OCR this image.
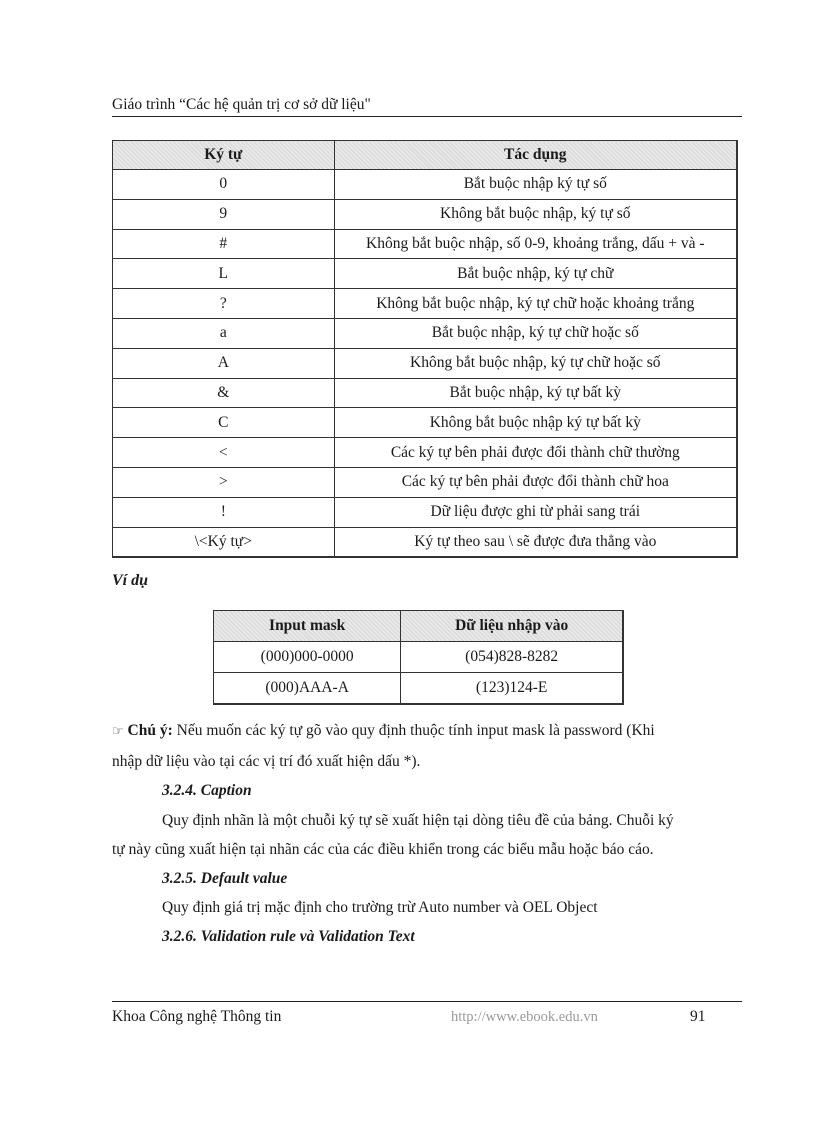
Giáo trình “Các hệ quản trị cơ sở dữ liệu"
Ký tự	Tác dụng
0	Bắt buộc nhập ký tự số
9	Không bắt buộc nhập, ký tự số
#	Không bắt buộc nhập, số 0-9, khoảng trắng, dấu + và -
L	Bắt buộc nhập, ký tự chữ
?	Không bắt buộc nhập, ký tự chữ hoặc khoảng trắng
a	Bắt buộc nhập, ký tự chữ hoặc số
A	Không bắt buộc nhập, ký tự chữ hoặc số
&	Bắt buộc nhập, ký tự bất kỳ
C	Không bắt buộc nhập ký tự bất kỳ
<	Các ký tự bên phải được đổi thành chữ thường
>	Các ký tự bên phải được đổi thành chữ hoa
!	Dữ liệu được ghi từ phải sang trái
\<Ký tự>	Ký tự theo sau \ sẽ được đưa thẳng vào
Ví dụ
Input mask	Dữ liệu nhập vào
(000)000-0000	(054)828-8282
(000)AAA-A	(123)124-E
☞ Chú ý: Nếu muốn các ký tự gõ vào quy định thuộc tính input mask là password (Khi
nhập dữ liệu vào tại các vị trí đó xuất hiện dấu *).
3.2.4. Caption
Quy định nhãn là một chuỗi ký tự sẽ xuất hiện tại dòng tiêu đề của bảng. Chuỗi ký
tự này cũng xuất hiện tại nhãn các của các điều khiển trong các biểu mẫu hoặc báo cáo.
3.2.5. Default value
Quy định giá trị mặc định cho trường trừ Auto number và OEL Object
3.2.6. Validation rule và Validation Text
Khoa Công nghệ Thông tin	http://www.ebook.edu.vn	91
